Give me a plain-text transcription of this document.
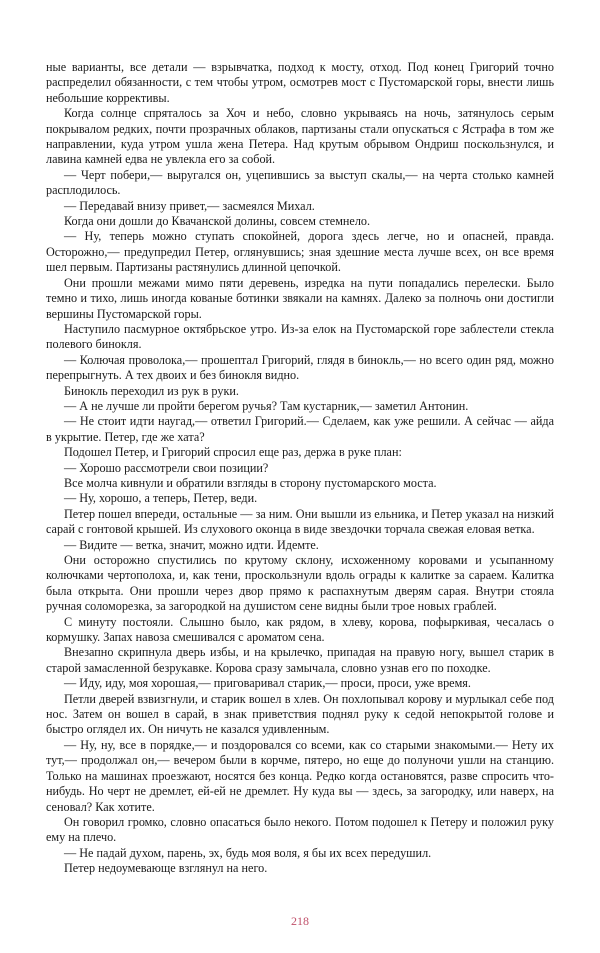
ные варианты, все детали — взрывчатка, подход к мосту, отход. Под конец Григорий точно распределил обязанности, с тем чтобы утром, осмотрев мост с Пустомарской горы, внести лишь небольшие коррективы.

Когда солнце спряталось за Хоч и небо, словно укрываясь на ночь, затянулось серым покрывалом редких, почти прозрачных облаков, партизаны стали опускаться с Ястрафа в том же направлении, куда утром ушла жена Петера. Над крутым обрывом Ондриш поскользнулся, и лавина камней едва не увлекла его за собой.

— Черт побери,— выругался он, уцепившись за выступ скалы,— на черта столько камней расплодилось.

— Передавай внизу привет,— засмеялся Михал.

Когда они дошли до Квачанской долины, совсем стемнело.

— Ну, теперь можно ступать спокойней, дорога здесь легче, но и опасней, правда. Осторожно,— предупредил Петер, оглянувшись; зная здешние места лучше всех, он все время шел первым. Партизаны растянулись длинной цепочкой.

Они прошли межами мимо пяти деревень, изредка на пути попадались перелески. Было темно и тихо, лишь иногда кованые ботинки звякали на камнях. Далеко за полночь они достигли вершины Пустомарской горы.

Наступило пасмурное октябрьское утро. Из-за елок на Пустомарской горе заблестели стекла полевого бинокля.

— Колючая проволока,— прошептал Григорий, глядя в бинокль,— но всего один ряд, можно перепрыгнуть. А тех двоих и без бинокля видно.

Бинокль переходил из рук в руки.

— А не лучше ли пройти берегом ручья? Там кустарник,— заметил Антонин.

— Не стоит идти наугад,— ответил Григорий.— Сделаем, как уже решили. А сейчас — айда в укрытие. Петер, где же хата?

Подошел Петер, и Григорий спросил еще раз, держа в руке план:

— Хорошо рассмотрели свои позиции?

Все молча кивнули и обратили взгляды в сторону пустомарского моста.

— Ну, хорошо, а теперь, Петер, веди.

Петер пошел впереди, остальные — за ним. Они вышли из ельника, и Петер указал на низкий сарай с гонтовой крышей. Из слухового оконца в виде звездочки торчала свежая еловая ветка.

— Видите — ветка, значит, можно идти. Идемте.

Они осторожно спустились по крутому склону, исхоженному коровами и усыпанному колючками чертополоха, и, как тени, проскользнули вдоль ограды к калитке за сараем. Калитка была открыта. Они прошли через двор прямо к распахнутым дверям сарая. Внутри стояла ручная соломорезка, за загородкой на душистом сене видны были трое новых граблей.

С минуту постояли. Слышно было, как рядом, в хлеву, корова, пофыркивая, чесалась о кормушку. Запах навоза смешивался с ароматом сена.

Внезапно скрипнула дверь избы, и на крылечко, припадая на правую ногу, вышел старик в старой замасленной безрукавке. Корова сразу замычала, словно узнав его по походке.

— Иду, иду, моя хорошая,— приговаривал старик,— проси, проси, уже время.

Петли дверей взвизгнули, и старик вошел в хлев. Он похлопывал корову и мурлыкал себе под нос. Затем он вошел в сарай, в знак приветствия поднял руку к седой непокрытой голове и быстро оглядел их. Он ничуть не казался удивленным.

— Ну, ну, все в порядке,— и поздоровался со всеми, как со старыми знакомыми.— Нету их тут,— продолжал он,— вечером были в корчме, пятеро, но еще до полуночи ушли на станцию. Только на машинах проезжают, носятся без конца. Редко когда остановятся, разве спросить что-нибудь. Но черт не дремлет, ей-ей не дремлет. Ну куда вы — здесь, за загородку, или наверх, на сеновал? Как хотите.

Он говорил громко, словно опасаться было некого. Потом подошел к Петеру и положил руку ему на плечо.

— Не падай духом, парень, эх, будь моя воля, я бы их всех передушил.

Петер недоумевающе взглянул на него.

218
